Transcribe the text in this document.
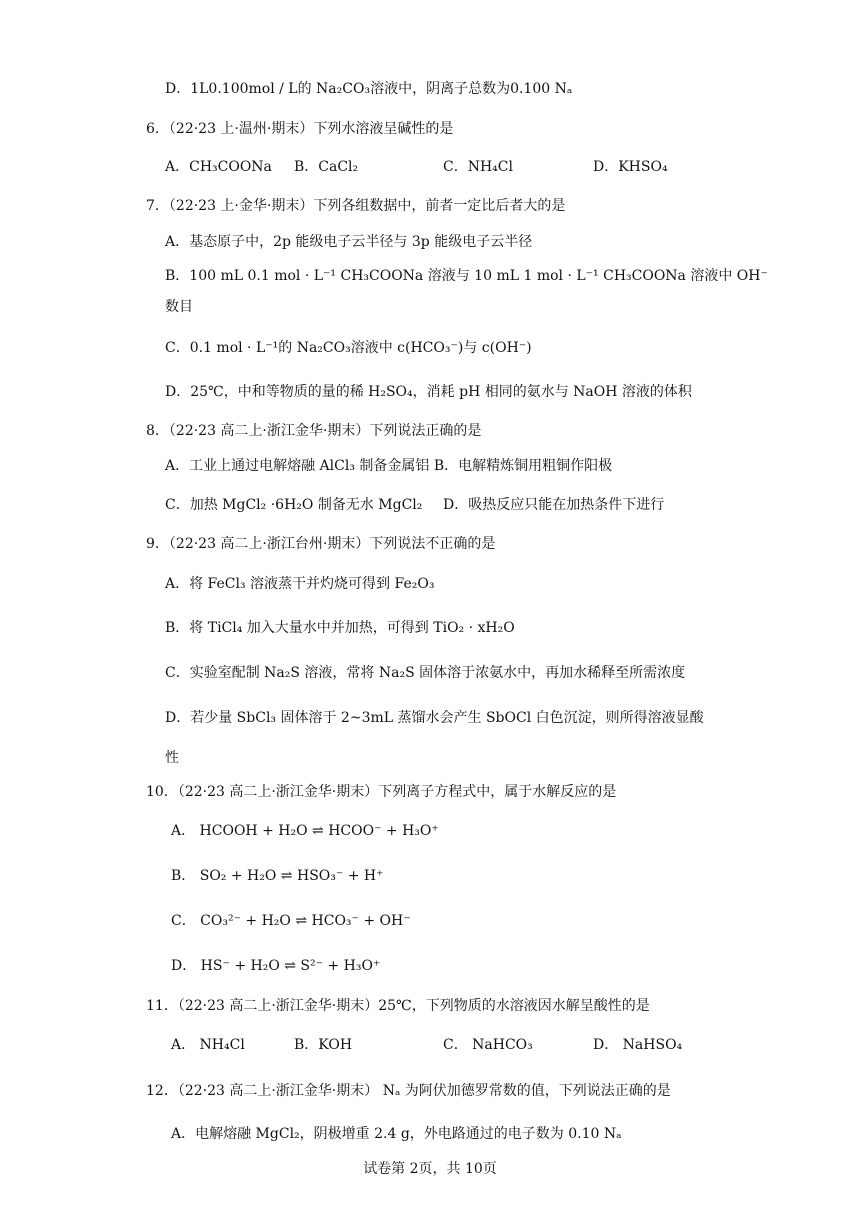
D．1L0.100mol / L的 Na₂CO₃溶液中，阴离子总数为0.100 Nₐ
6．（22·23 上·温州·期末）下列水溶液呈碱性的是
A．CH₃COONa B．CaCl₂	C．NH₄Cl	D．KHSO₄
7．（22·23 上·金华·期末）下列各组数据中，前者一定比后者大的是
A．基态原子中，2p 能级电子云半径与 3p 能级电子云半径
B．100 mL 0.1 mol · L⁻¹ CH₃COONa 溶液与 10 mL 1 mol · L⁻¹ CH₃COONa 溶液中 OH⁻
数目
C．0.1 mol · L⁻¹的 Na₂CO₃溶液中 c(HCO₃⁻)与 c(OH⁻)
D．25℃，中和等物质的量的稀 H₂SO₄，消耗 pH 相同的氨水与 NaOH 溶液的体积
8．（22·23 高二上·浙江金华·期末）下列说法正确的是
A．工业上通过电解熔融 AlCl₃ 制备金属铝 B．电解精炼铜用粗铜作阳极
C．加热 MgCl₂ ·6H₂O 制备无水 MgCl₂ D．吸热反应只能在加热条件下进行
9．（22·23 高二上·浙江台州·期末）下列说法不正确的是
A．将 FeCl₃ 溶液蒸干并灼烧可得到 Fe₂O₃
B．将 TiCl₄ 加入大量水中并加热，可得到 TiO₂ · xH₂O
C．实验室配制 Na₂S 溶液，常将 Na₂S 固体溶于浓氨水中，再加水稀释至所需浓度
D．若少量 SbCl₃ 固体溶于 2~3mL 蒸馏水会产生 SbOCl 白色沉淀，则所得溶液显酸
性
10．（22·23 高二上·浙江金华·期末）下列离子方程式中，属于水解反应的是
A． HCOOH + H₂O ⇌ HCOO⁻ + H₃O⁺
B． SO₂ + H₂O ⇌ HSO₃⁻ + H⁺
C． CO₃²⁻ + H₂O ⇌ HCO₃⁻ + OH⁻
D． HS⁻ + H₂O ⇌ S²⁻ + H₃O⁺
11．（22·23 高二上·浙江金华·期末）25℃，下列物质的水溶液因水解呈酸性的是
A． NH₄Cl	B．KOH	C． NaHCO₃	D． NaHSO₄
12．（22·23 高二上·浙江金华·期末） Nₐ 为阿伏加德罗常数的值，下列说法正确的是
A．电解熔融 MgCl₂，阴极增重 2.4 g，外电路通过的电子数为 0.10 Nₐ
试卷第 2页，共 10页
